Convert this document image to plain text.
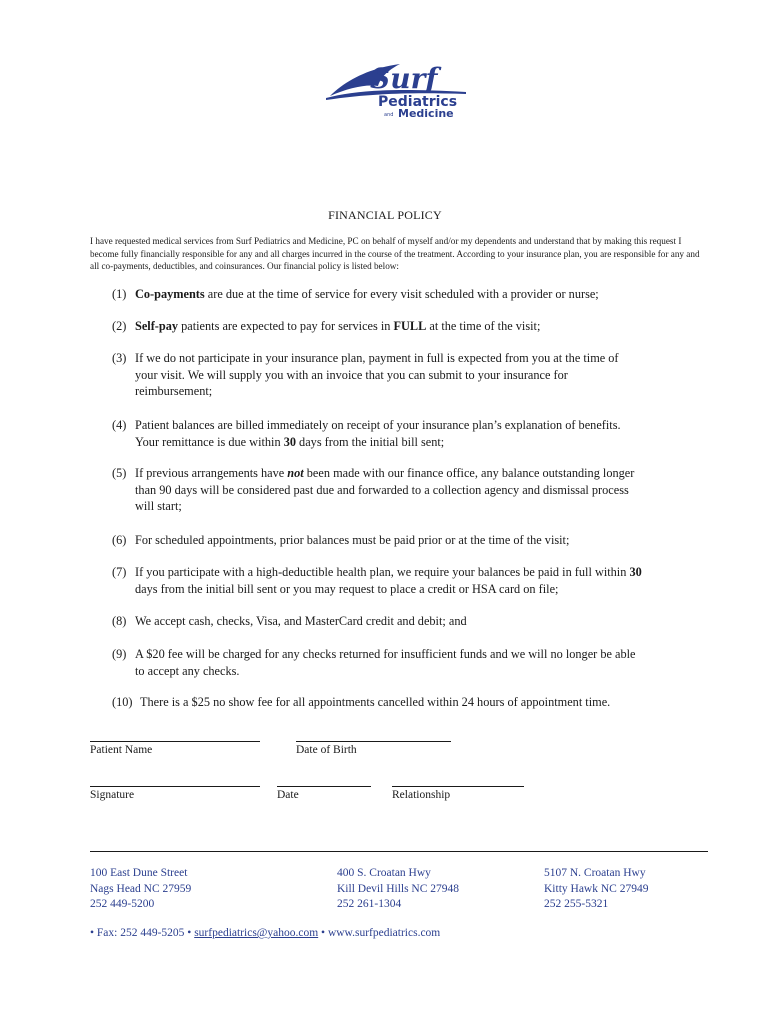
Surf
Pediatrics
and Medicine
FINANCIAL POLICY
I have requested medical services from Surf Pediatrics and Medicine, PC on behalf of myself and/or my dependents and understand that by making this request I become fully financially responsible for any and all charges incurred in the course of the treatment. According to your insurance plan, you are responsible for any and all co-payments, deductibles, and coinsurances. Our financial policy is listed below:
(1) Co-payments are due at the time of service for every visit scheduled with a provider or nurse;
(2) Self-pay patients are expected to pay for services in FULL at the time of the visit;
(3) If we do not participate in your insurance plan, payment in full is expected from you at the time of
your visit. We will supply you with an invoice that you can submit to your insurance for
reimbursement;
(4) Patient balances are billed immediately on receipt of your insurance plan’s explanation of benefits.
Your remittance is due within 30 days from the initial bill sent;
(5) If previous arrangements have not been made with our finance office, any balance outstanding longer
than 90 days will be considered past due and forwarded to a collection agency and dismissal process
will start;
(6) For scheduled appointments, prior balances must be paid prior or at the time of the visit;
(7) If you participate with a high-deductible health plan, we require your balances be paid in full within 30
days from the initial bill sent or you may request to place a credit or HSA card on file;
(8) We accept cash, checks, Visa, and MasterCard credit and debit; and
(9) A $20 fee will be charged for any checks returned for insufficient funds and we will no longer be able
to accept any checks.
(10) There is a $25 no show fee for all appointments cancelled within 24 hours of appointment time.
Patient Name	Date of Birth
Signature	Date	Relationship
100 East Dune Street
Nags Head NC 27959
252 449-5200
400 S. Croatan Hwy
Kill Devil Hills NC 27948
252 261-1304
5107 N. Croatan Hwy
Kitty Hawk NC 27949
252 255-5321
• Fax: 252 449-5205 • surfpediatrics@yahoo.com • www.surfpediatrics.com
